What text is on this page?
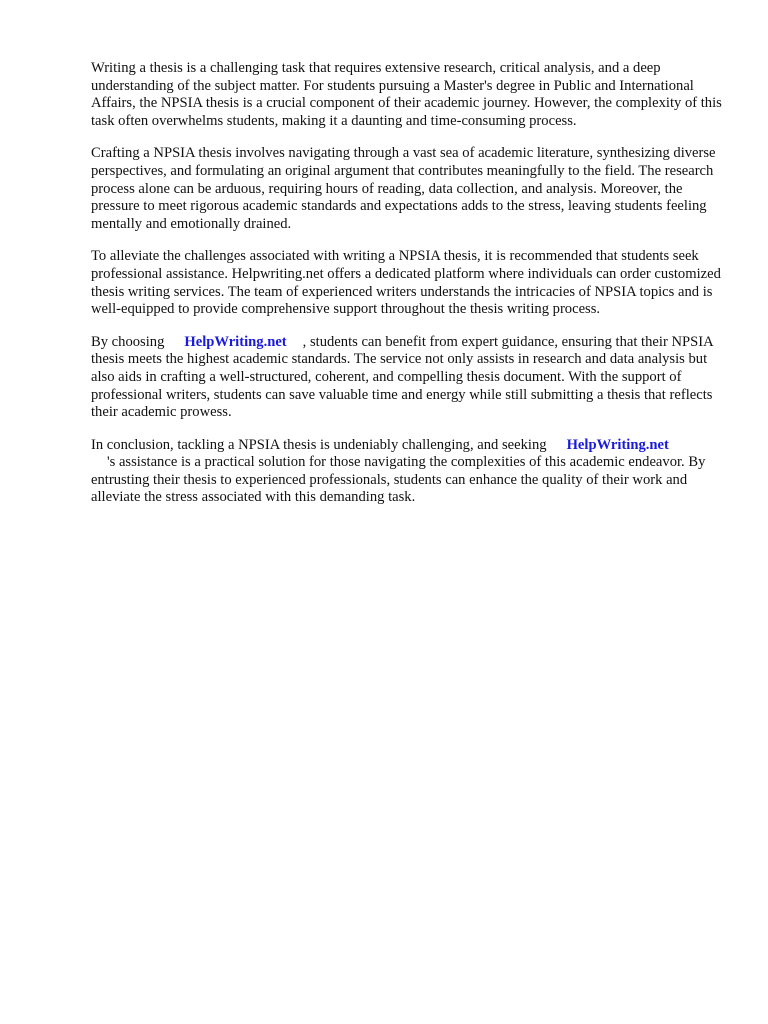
Writing a thesis is a challenging task that requires extensive research, critical analysis, and a deep understanding of the subject matter. For students pursuing a Master's degree in Public and International Affairs, the NPSIA thesis is a crucial component of their academic journey. However, the complexity of this task often overwhelms students, making it a daunting and time-consuming process.

Crafting a NPSIA thesis involves navigating through a vast sea of academic literature, synthesizing diverse perspectives, and formulating an original argument that contributes meaningfully to the field. The research process alone can be arduous, requiring hours of reading, data collection, and analysis. Moreover, the pressure to meet rigorous academic standards and expectations adds to the stress, leaving students feeling mentally and emotionally drained.

To alleviate the challenges associated with writing a NPSIA thesis, it is recommended that students seek professional assistance. Helpwriting.net offers a dedicated platform where individuals can order customized thesis writing services. The team of experienced writers understands the intricacies of NPSIA topics and is well-equipped to provide comprehensive support throughout the thesis writing process.

By choosing HelpWriting.net , students can benefit from expert guidance, ensuring that their NPSIA thesis meets the highest academic standards. The service not only assists in research and data analysis but also aids in crafting a well-structured, coherent, and compelling thesis document. With the support of professional writers, students can save valuable time and energy while still submitting a thesis that reflects their academic prowess.

In conclusion, tackling a NPSIA thesis is undeniably challenging, and seeking HelpWriting.net
's assistance is a practical solution for those navigating the complexities of this academic endeavor. By entrusting their thesis to experienced professionals, students can enhance the quality of their work and alleviate the stress associated with this demanding task.
